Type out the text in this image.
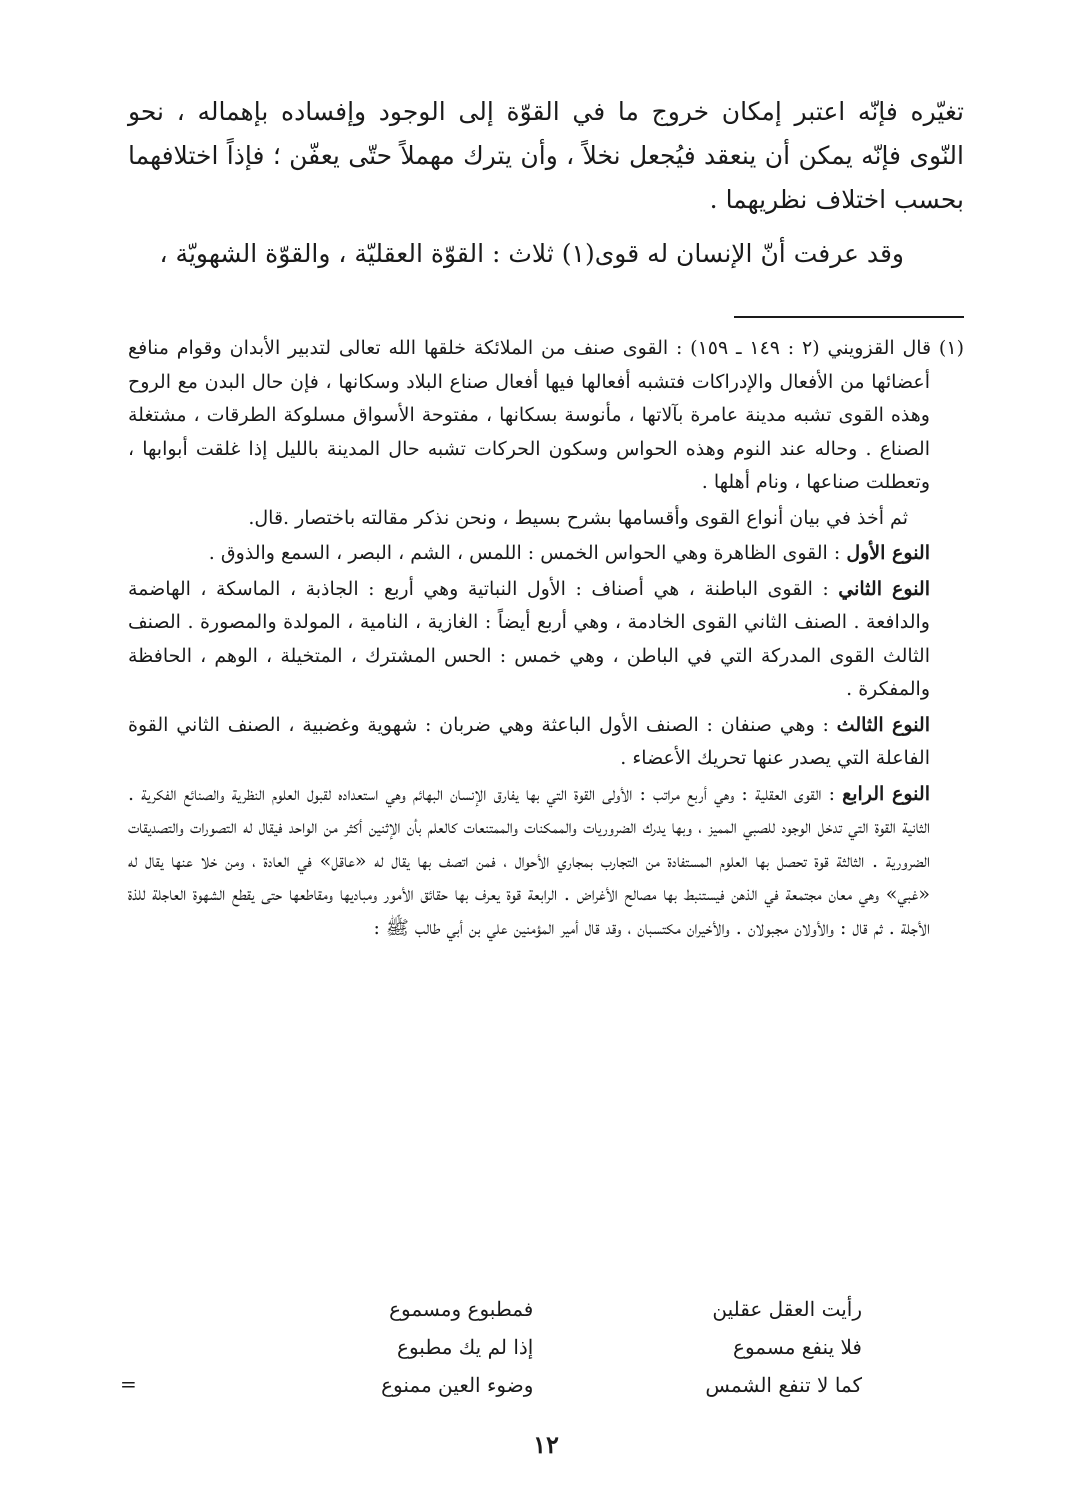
تغيّره فإنّه اعتبر إمكان خروج ما في القوّة إلى الوجود وإفساده بإهماله ، نحو النّوى فإنّه يمكن أن ينعقد فيُجعل نخلاً ، وأن يترك مهملاً حتّى يعفّن ؛ فإذاً اختلافهما بحسب اختلاف نظريهما .

وقد عرفت أنّ الإنسان له قوى(١) ثلاث : القوّة العقليّة ، والقوّة الشهويّة ،

(١) قال القزويني (٢ : ١٤٩ ـ ١٥٩) : القوى صنف من الملائكة خلقها الله تعالى لتدبير الأبدان وقوام منافع أعضائها من الأفعال والإدراكات فتشبه أفعالها فيها أفعال صناع البلاد وسكانها ، فإن حال البدن مع الروح وهذه القوى تشبه مدينة عامرة بآلاتها ، مأنوسة بسكانها ، مفتوحة الأسواق مسلوكة الطرقات ، مشتغلة الصناع . وحاله عند النوم وهذه الحواس وسكون الحركات تشبه حال المدينة بالليل إذا غلقت أبوابها ، وتعطلت صناعها ، ونام أهلها .

ثم أخذ في بيان أنواع القوى وأقسامها بشرح بسيط ، ونحن نذكر مقالته باختصار .قال.

النوع الأول : القوى الظاهرة وهي الحواس الخمس : اللمس ، الشم ، البصر ، السمع والذوق .

النوع الثاني : القوى الباطنة ، هي أصناف : الأول النباتية وهي أربع : الجاذبة ، الماسكة ، الهاضمة والدافعة . الصنف الثاني القوى الخادمة ، وهي أربع أيضاً : الغازية ، النامية ، المولدة والمصورة . الصنف الثالث القوى المدركة التي في الباطن ، وهي خمس : الحس المشترك ، المتخيلة ، الوهم ، الحافظة والمفكرة .

النوع الثالث : وهي صنفان : الصنف الأول الباعثة وهي ضربان : شهوية وغضبية ، الصنف الثاني القوة الفاعلة التي يصدر عنها تحريك الأعضاء .

النوع الرابع : القوى العقلية : وهي أربع مراتب : الأولى القوة التي بها يفارق الإنسان البهائم وهي استعداده لقبول العلوم النظرية والصنائع الفكرية . الثانية القوة التي تدخل الوجود للصبي المميز ، وبها يدرك الضروريات والممكنات والممتنعات كالعلم بأن الإثنين أكثر من الواحد فيقال له التصورات والتصديقات الضرورية . الثالثة قوة تحصل بها العلوم المستفادة من التجارب بمجاري الأحوال ، فمن اتصف بها يقال له «عاقل» في العادة ، ومن خلا عنها يقال له «غبي» وهي معان مجتمعة في الذهن فيستنبط بها مصالح الأغراض . الرابعة قوة يعرف بها حقائق الأمور ومباديها ومقاطعها حتى يقطع الشهوة العاجلة للذة الأجلة . ثم قال : والأولان مجبولان . والأخيران مكتسبان ، وقد قال أمير المؤمنين علي بن أبي طالب ﷺ :

رأيت العقل عقلين
فمطبوع ومسموع
فلا ينفع مسموع
إذا لم يك مطبوع
كما لا تنفع الشمس
وضوء العين ممنوع
=
١٢
